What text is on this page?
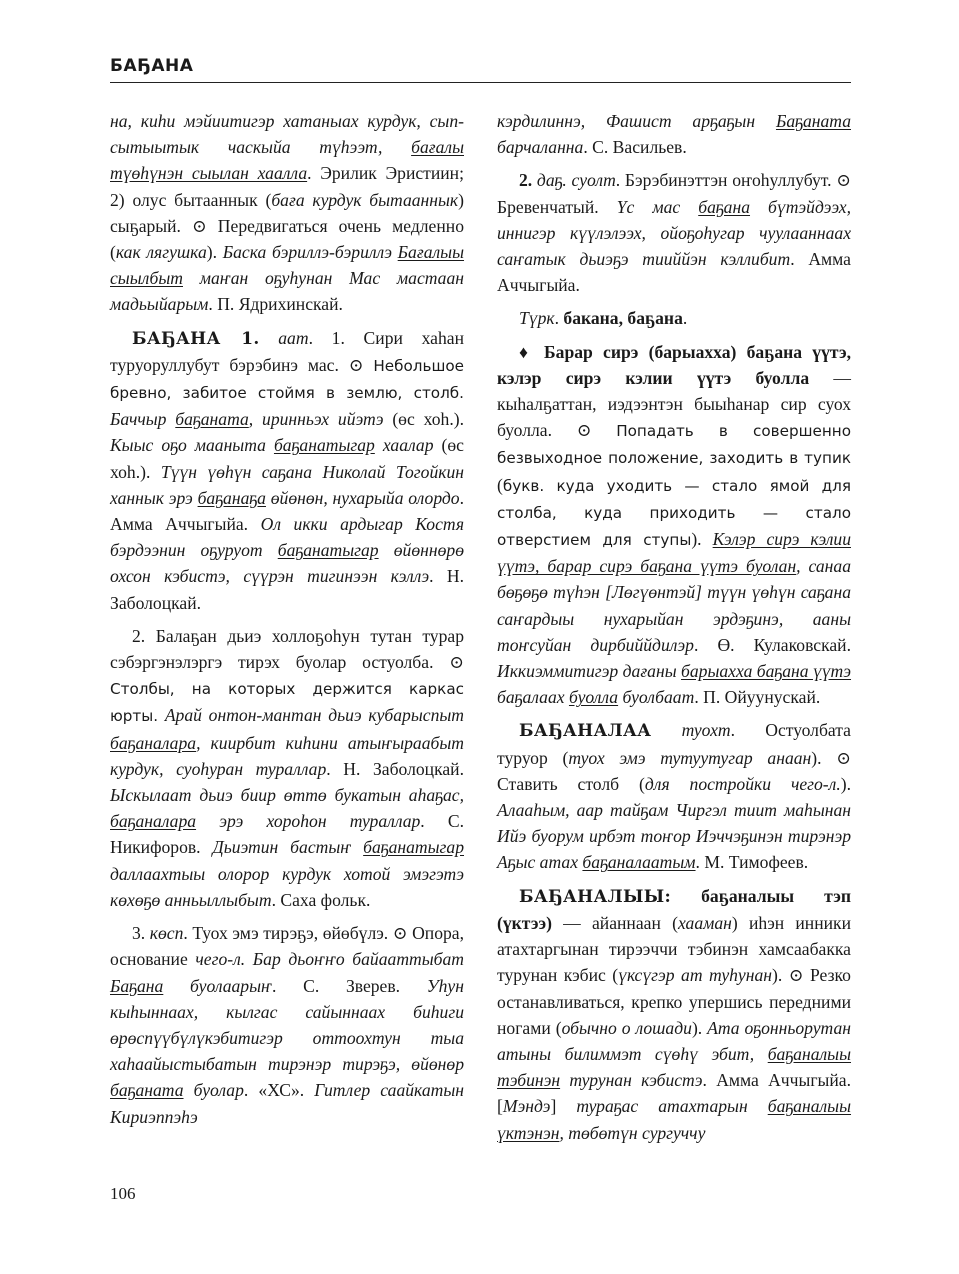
БАҔАНА

на, киһи мэйиитигэр хатаныах курдук, сып-сытыытык часкыйа түһээт, бағалы түөһүнэн сыылан хаалла. Эрилик Эристиин; 2) олус бытааннык (баға курдук бытааннык) сыҕарый. ⊙ Передвигаться очень медленно (как лягушка). Баска бэриллэ-бэриллэ Бағалыы сыылбыт маҥан оҕуһунан Мас мастаан мадьыйарым. П. Ядрихинскай.

БАҔАНА 1. аат. 1. Сири хаһан туруоруллубут бэрэбинэ мас. ⊙ Небольшое бревно, забитое стоймя в землю, столб. Баччыр баҕаната, иринньэх ийэтэ (өс хоһ.). Кыыс оҕо мааныта баҕанатыгар хаалар (өс хоһ.). Түүн үөһүн саҕана Николай Тогойкин ханнык эрэ баҕанаҕа өйөнөн, нухарыйа олордо. Амма Аччыгыйа. Ол икки ардыгар Костя бэрдээнин оҕуруот баҕанатыгар өйөннөрө охсон кэбистэ, сүүрэн тигинээн кэллэ. Н. Заболоцкай.

2. Балаҕан дьиэ холлоҕоһун тутан турар сэбэргэнэлэргэ тирэх буолар остуолба. ⊙ Столбы, на которых держится каркас юрты. Арай онтон-мантан дьиэ кубарыспыт баҕаналара, киирбит киһини атыҥыраабыт курдук, суоһуран тураллар. Н. Заболоцкай. Ыскылаат дьиэ биир өттө букатын аһаҕас, баҕаналара эрэ хороһон тураллар. С. Никифоров. Дьиэтин бастыҥ баҕанатыгар даллаахтыы олорор курдук хотой эмэгэтэ көхөҕө анньыллыбыт. Саха фольк.

3. көсп. Туох эмэ тирэҕэ, өйөбүлэ. ⊙ Опора, основание чего-л. Бар дьоҥҥо байааттыбат Баҕана буолаарыҥ. С. Зверев. Уһун кыһыннаах, кылгас сайыннаах биһиги өрөспүүбүлүкэбитигэр оттоохтун тыа хаһаайыстыбатын тирэнэр тирэҕэ, өйөнөр баҕаната буолар. «ХС». Гитлер саайкатын Кириэппэһэ

кэрдилиннэ, Фашист арҕаҕын Баҕаната барчаланна. С. Васильев.

2. даҕ. суолт. Бэрэбинэттэн оҥоһуллубут. ⊙ Бревенчатый. Үс мас баҕана бүтэйдээх, иннигэр күүлэлээх, ойоҕоһугар чуулааннаах саҥатык дьиэҕэ тииййэн кэллибит. Амма Аччыгыйа.

Түрк. бакана, баҕана.

♦ Барар сирэ (барыахха) баҕана үүтэ, кэлэр сирэ кэлии үүтэ буолла — кыһалҕаттан, иэдээнтэн быыһанар сир суох буолла. ⊙ Попадать в совершенно безвыходное положение, заходить в тупик (букв. куда уходить — стало ямой для столба, куда приходить — стало отверстием для ступы). Кэлэр сирэ кэлии үүтэ, барар сирэ баҕана үүтэ буолан, санаа бөҕөҕө түһэн [Лөгүөнтэй] түүн үөһүн саҕана саҥардыы нухарыйан эрдэҕинэ, ааны тоҥсуйан дирбиййдилэр. Ө. Кулаковскай. Иккиэммитигэр дағаны барыахха баҕана үүтэ баҕалаах буолла буолбаат. П. Ойуунускай.

БАҔАНАЛАА туохт. Остуолбата туруор (туох эмэ тутуутугар анаан). ⊙ Ставить столб (для постройки чего-л.). Алааһым, аар тайҕам Чиргэл тиит маһынан Ийэ буорум ирбэт тоҥор Иэччэҕинэн тирэнэр Аҕыс атах баҕаналаатым. М. Тимофеев.

БАҔАНАЛЫЫ: баҕаналыы тэп (үктээ) — айаннаан (хааман) иһэн инники атахтаргынан тирээччи тэбинэн хамсаабакка турунан кэбис (үксүгэр ат туһунан). ⊙ Резко останавливаться, крепко упершись передними ногами (обычно о лошади). Ата оҕонньорутан атыны билиммэт сүөһү эбит, баҕаналыы тэбинэн турунан кэбистэ. Амма Аччыгыйа. [Мэндэ] тураҕас атахтарын баҕаналыы үктэнэн, төбөтүн сургуччу

106
